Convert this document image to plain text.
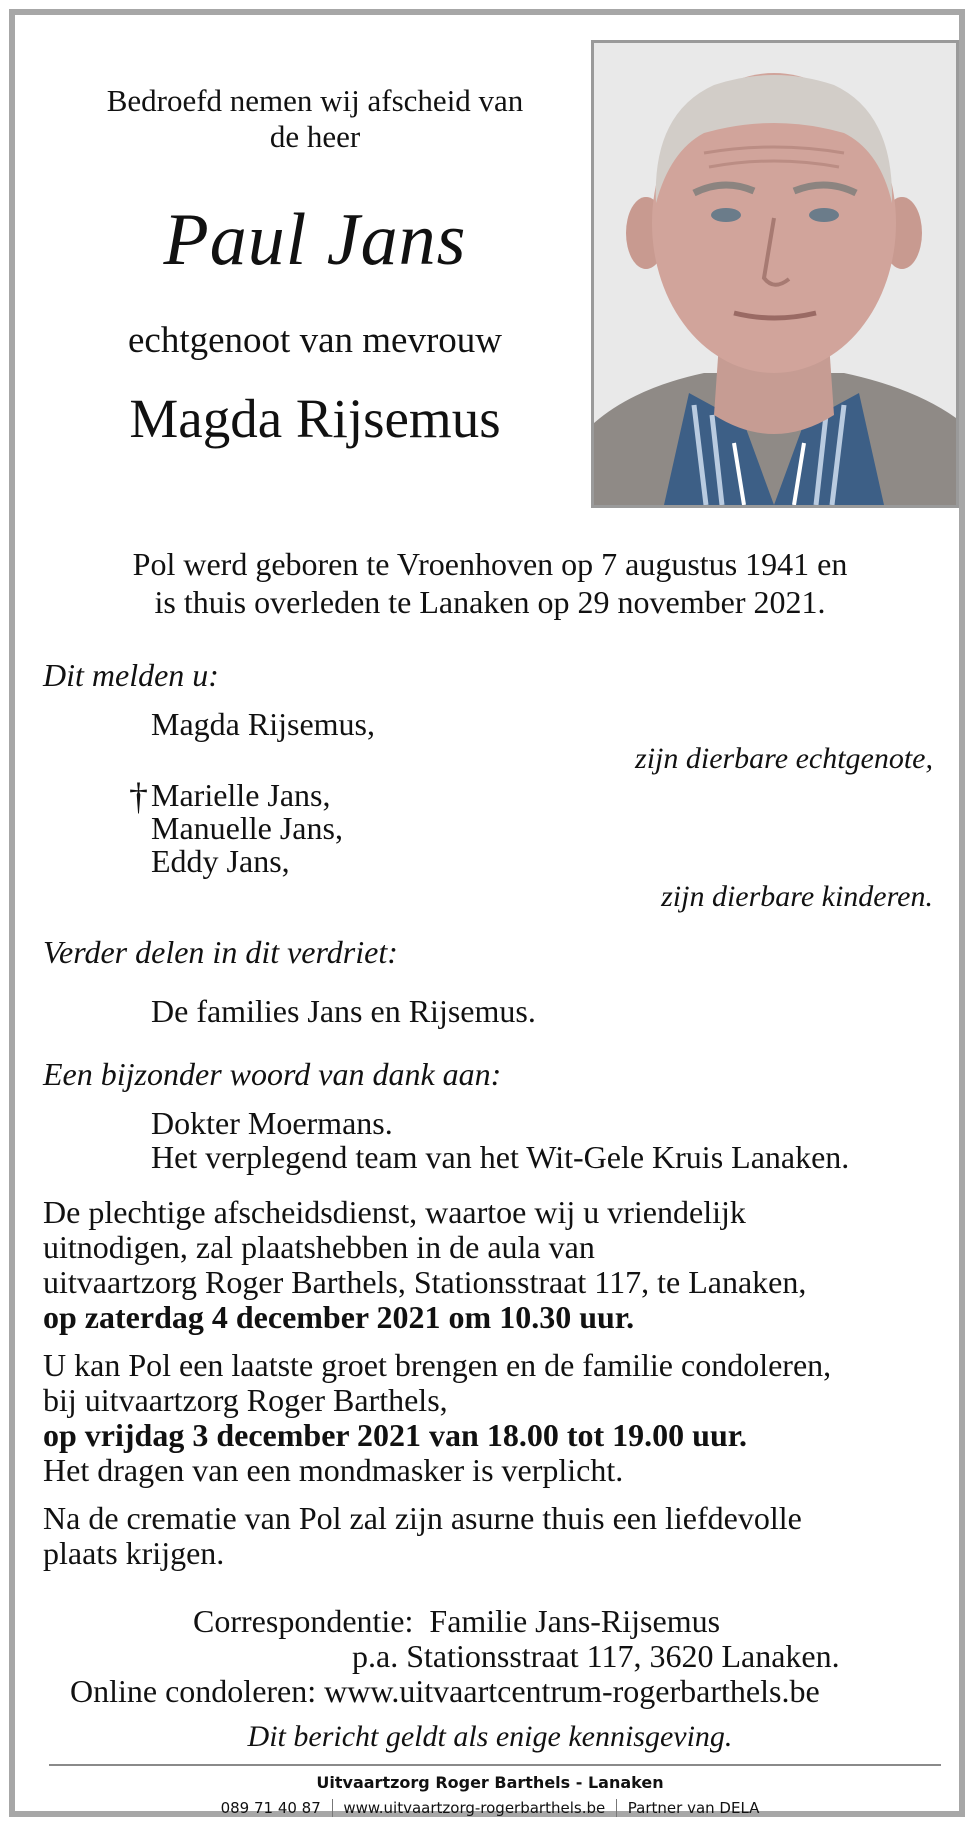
Bedroefd nemen wij afscheid van
de heer
Paul Jans
echtgenoot van mevrouw
Magda Rijsemus
Pol werd geboren te Vroenhoven op 7 augustus 1941 en
is thuis overleden te Lanaken op 29 november 2021.
Dit melden u:
Magda Rijsemus,
zijn dierbare echtgenote,
† Marielle Jans,
Manuelle Jans,
Eddy Jans,
zijn dierbare kinderen.
Verder delen in dit verdriet:
De families Jans en Rijsemus.
Een bijzonder woord van dank aan:
Dokter Moermans.
Het verplegend team van het Wit-Gele Kruis Lanaken.
De plechtige afscheidsdienst, waartoe wij u vriendelijk
uitnodigen, zal plaatshebben in de aula van
uitvaartzorg Roger Barthels, Stationsstraat 117, te Lanaken,
op zaterdag 4 december 2021 om 10.30 uur.
U kan Pol een laatste groet brengen en de familie condoleren,
bij uitvaartzorg Roger Barthels,
op vrijdag 3 december 2021 van 18.00 tot 19.00 uur.
Het dragen van een mondmasker is verplicht.
Na de crematie van Pol zal zijn asurne thuis een liefdevolle
plaats krijgen.
Correspondentie: Familie Jans-Rijsemus
p.a. Stationsstraat 117, 3620 Lanaken.
Online condoleren: www.uitvaartcentrum-rogerbarthels.be
Dit bericht geldt als enige kennisgeving.
Uitvaartzorg Roger Barthels - Lanaken
089 71 40 87 www.uitvaartzorg-rogerbarthels.be Partner van DELA
